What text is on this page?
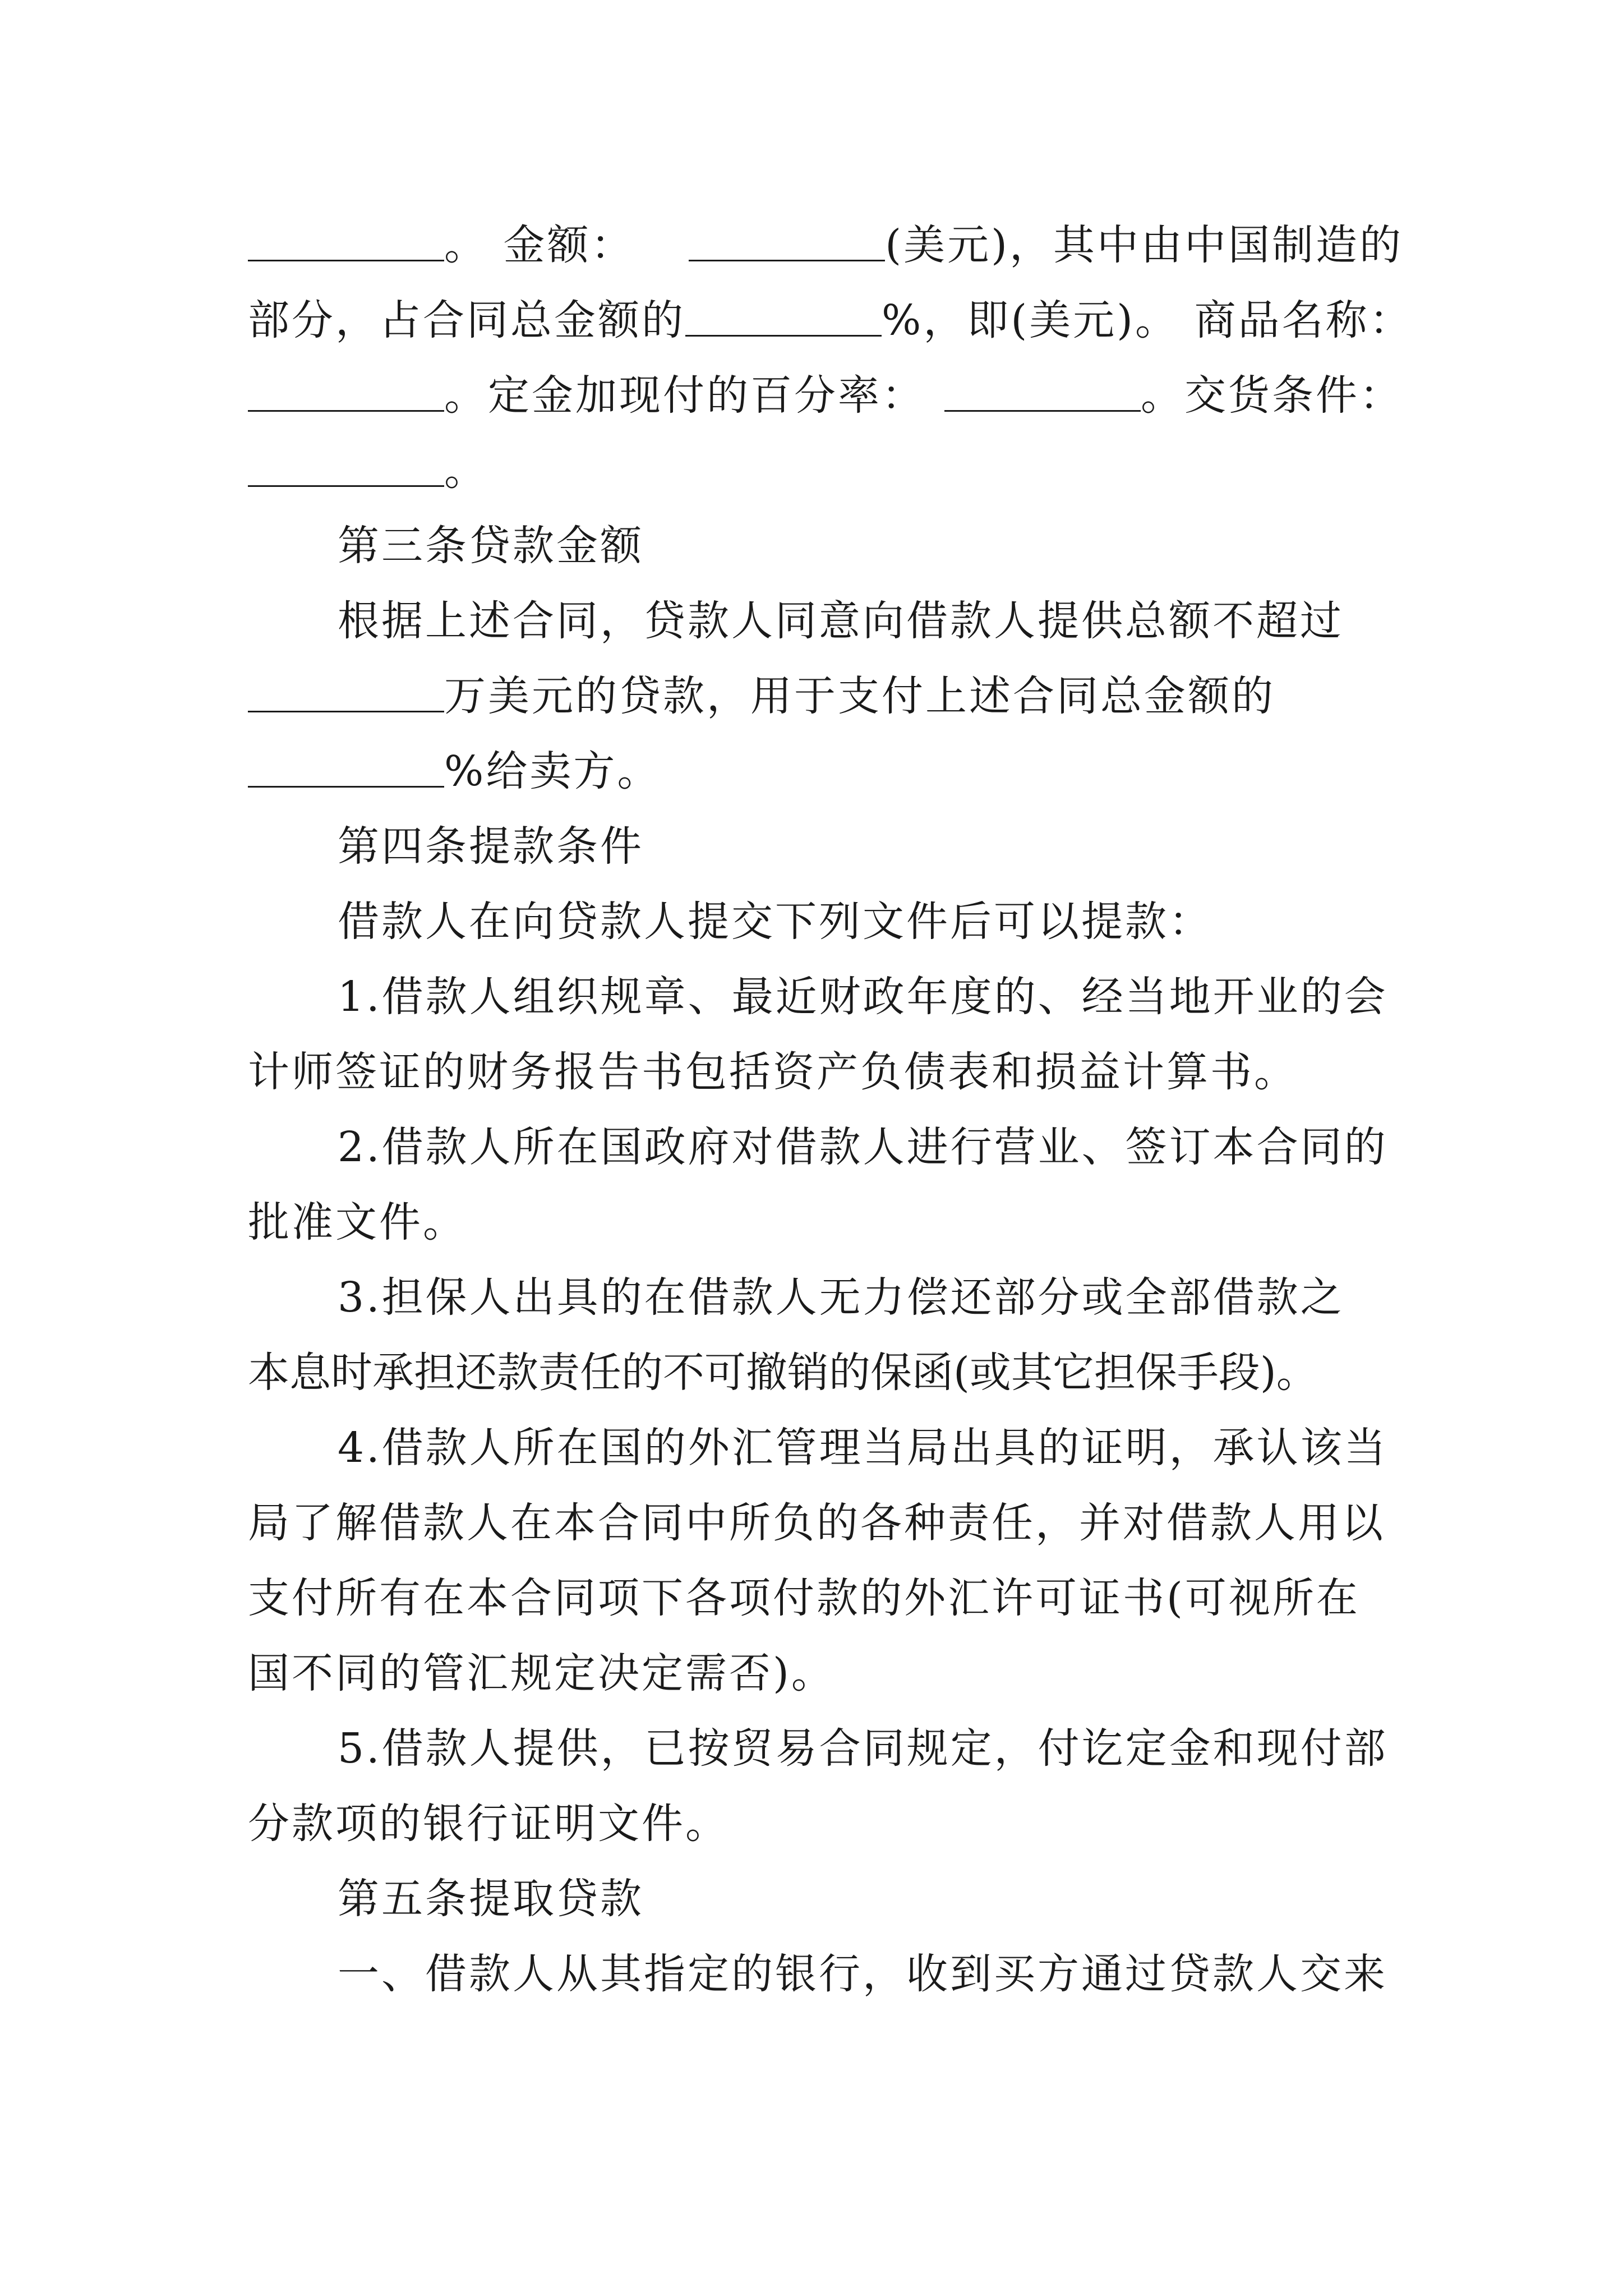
。 金额：	(美元)，其中由中国制造的
部分，占合同总金额的	%，即(美元)。 商品名称：
。定金加现付的百分率：	。交货条件：
。
第三条贷款金额
根据上述合同，贷款人同意向借款人提供总额不超过
万美元的贷款，用于支付上述合同总金额的
%给卖方。
第四条提款条件
借款人在向贷款人提交下列文件后可以提款：
1.借款人组织规章、最近财政年度的、经当地开业的会
计师签证的财务报告书包括资产负债表和损益计算书。
2.借款人所在国政府对借款人进行营业、签订本合同的
批准文件。
3.担保人出具的在借款人无力偿还部分或全部借款之
本息时承担还款责任的不可撤销的保函(或其它担保手段)。
4.借款人所在国的外汇管理当局出具的证明，承认该当
局了解借款人在本合同中所负的各种责任，并对借款人用以
支付所有在本合同项下各项付款的外汇许可证书(可视所在
国不同的管汇规定决定需否)。
5.借款人提供，已按贸易合同规定，付讫定金和现付部
分款项的银行证明文件。
第五条提取贷款
一、借款人从其指定的银行，收到买方通过贷款人交来
